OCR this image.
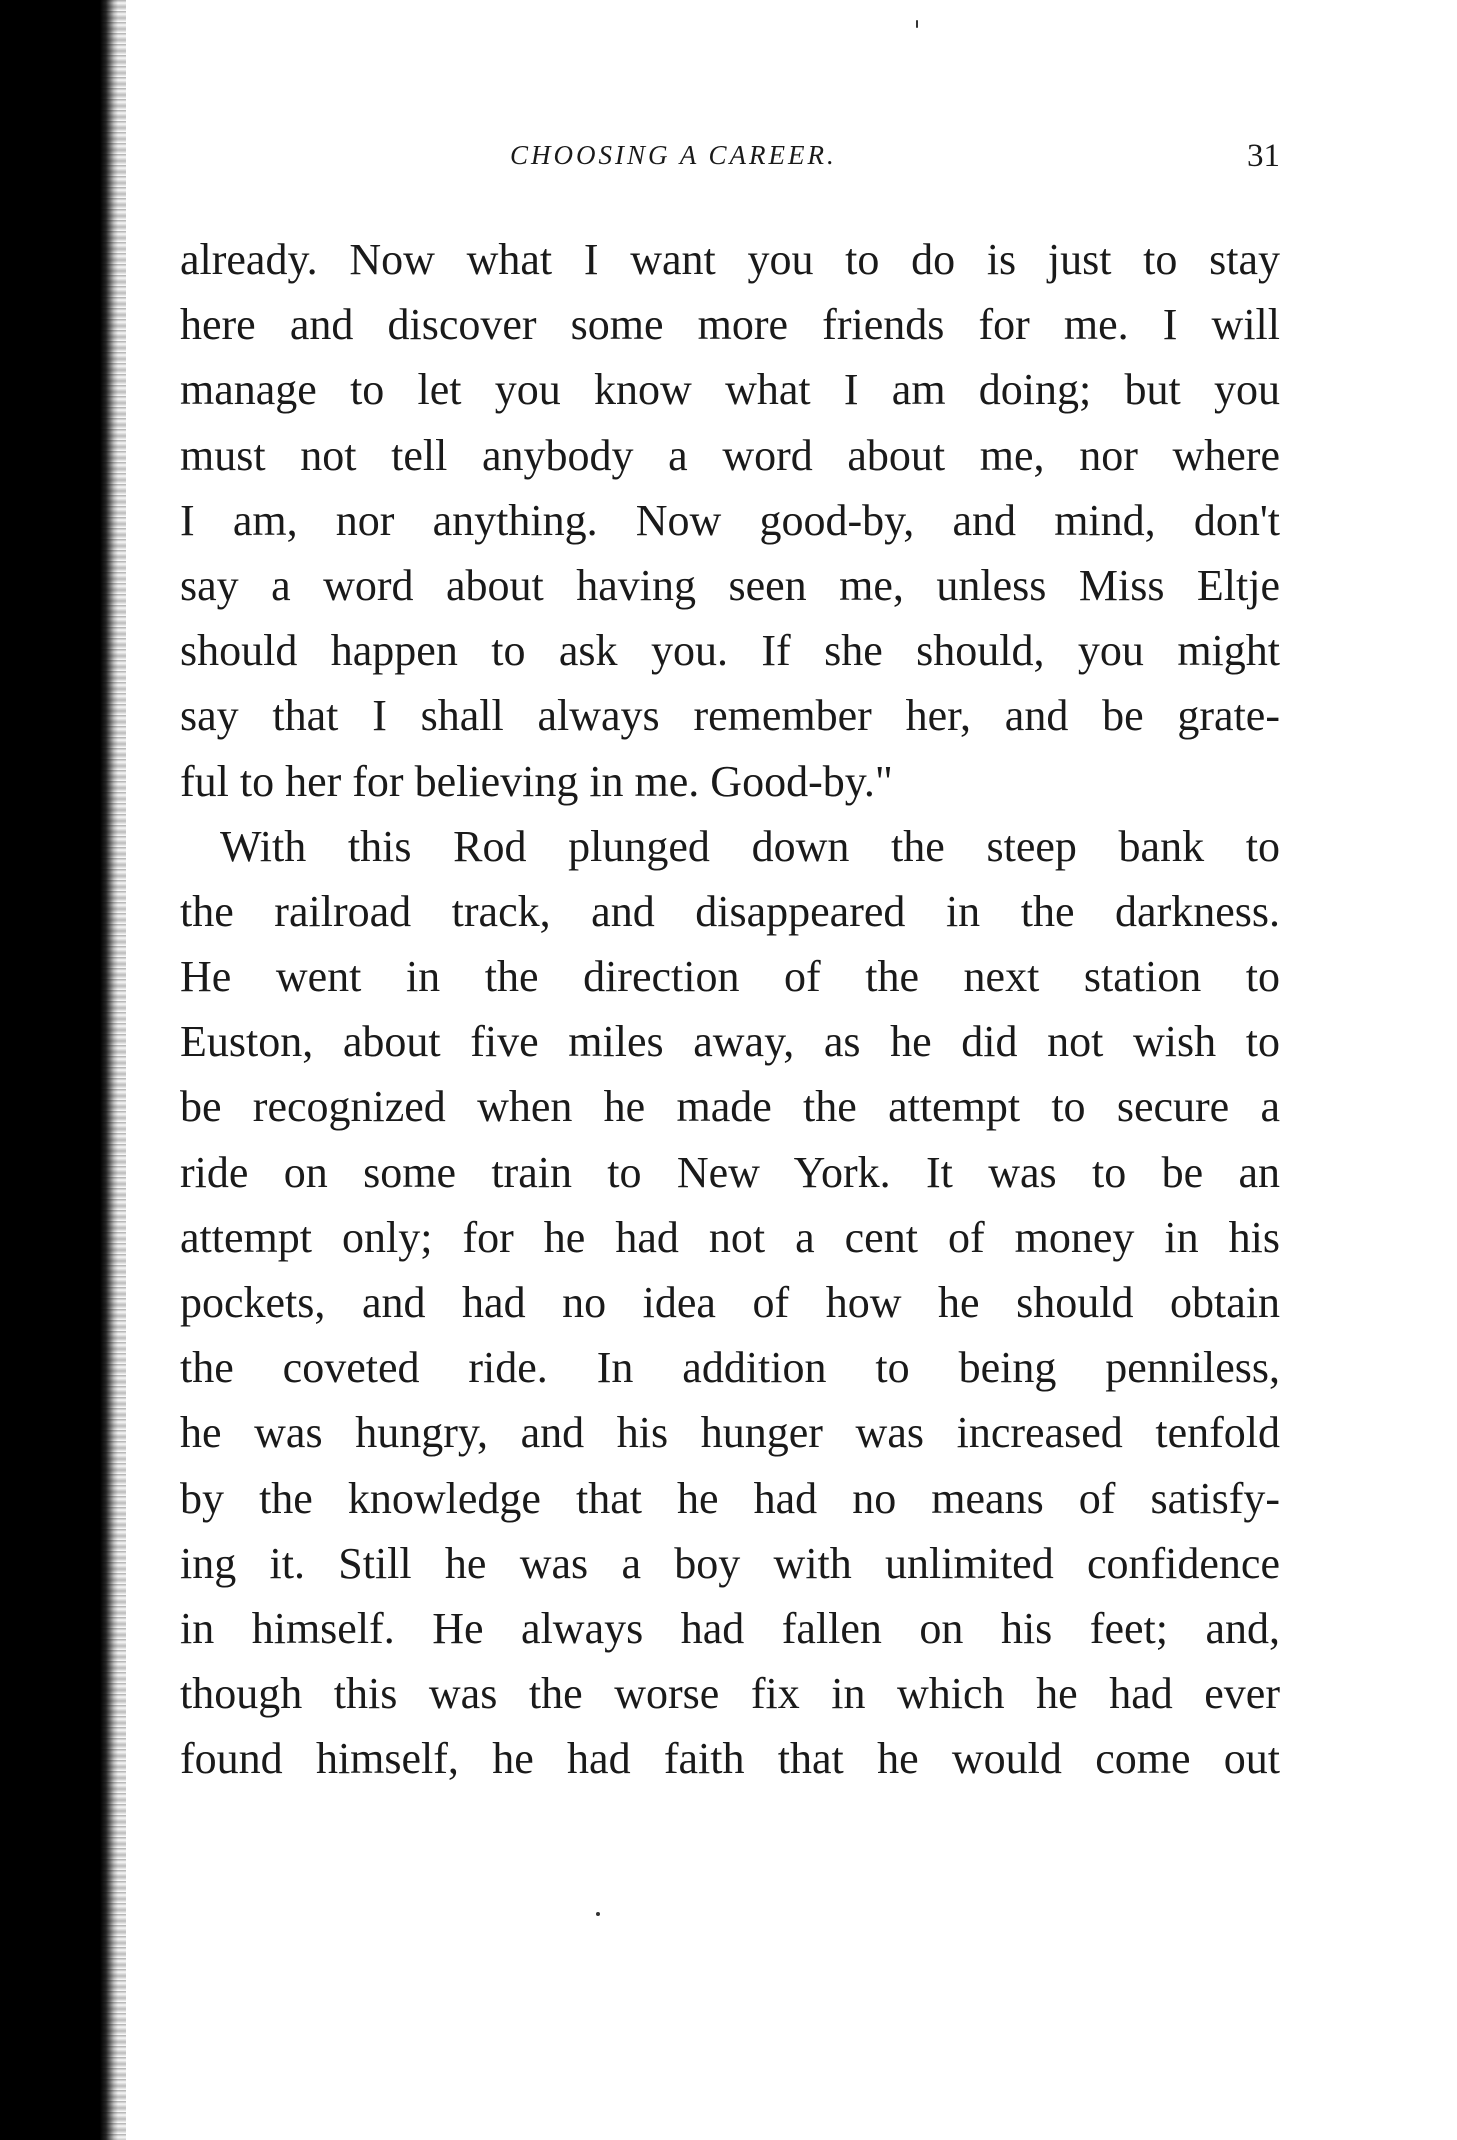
CHOOSING A CAREER.	31
already. Now what I want you to do is just to stay
here and discover some more friends for me. I will
manage to let you know what I am doing; but you
must not tell anybody a word about me, nor where
I am, nor anything. Now good-by, and mind, don't
say a word about having seen me, unless Miss Eltje
should happen to ask you. If she should, you might
say that I shall always remember her, and be grate-
ful to her for believing in me. Good-by."
With this Rod plunged down the steep bank to
the railroad track, and disappeared in the darkness.
He went in the direction of the next station to
Euston, about five miles away, as he did not wish to
be recognized when he made the attempt to secure a
ride on some train to New York. It was to be an
attempt only; for he had not a cent of money in his
pockets, and had no idea of how he should obtain
the coveted ride. In addition to being penniless,
he was hungry, and his hunger was increased tenfold
by the knowledge that he had no means of satisfy-
ing it. Still he was a boy with unlimited confidence
in himself. He always had fallen on his feet; and,
though this was the worse fix in which he had ever
found himself, he had faith that he would come out
